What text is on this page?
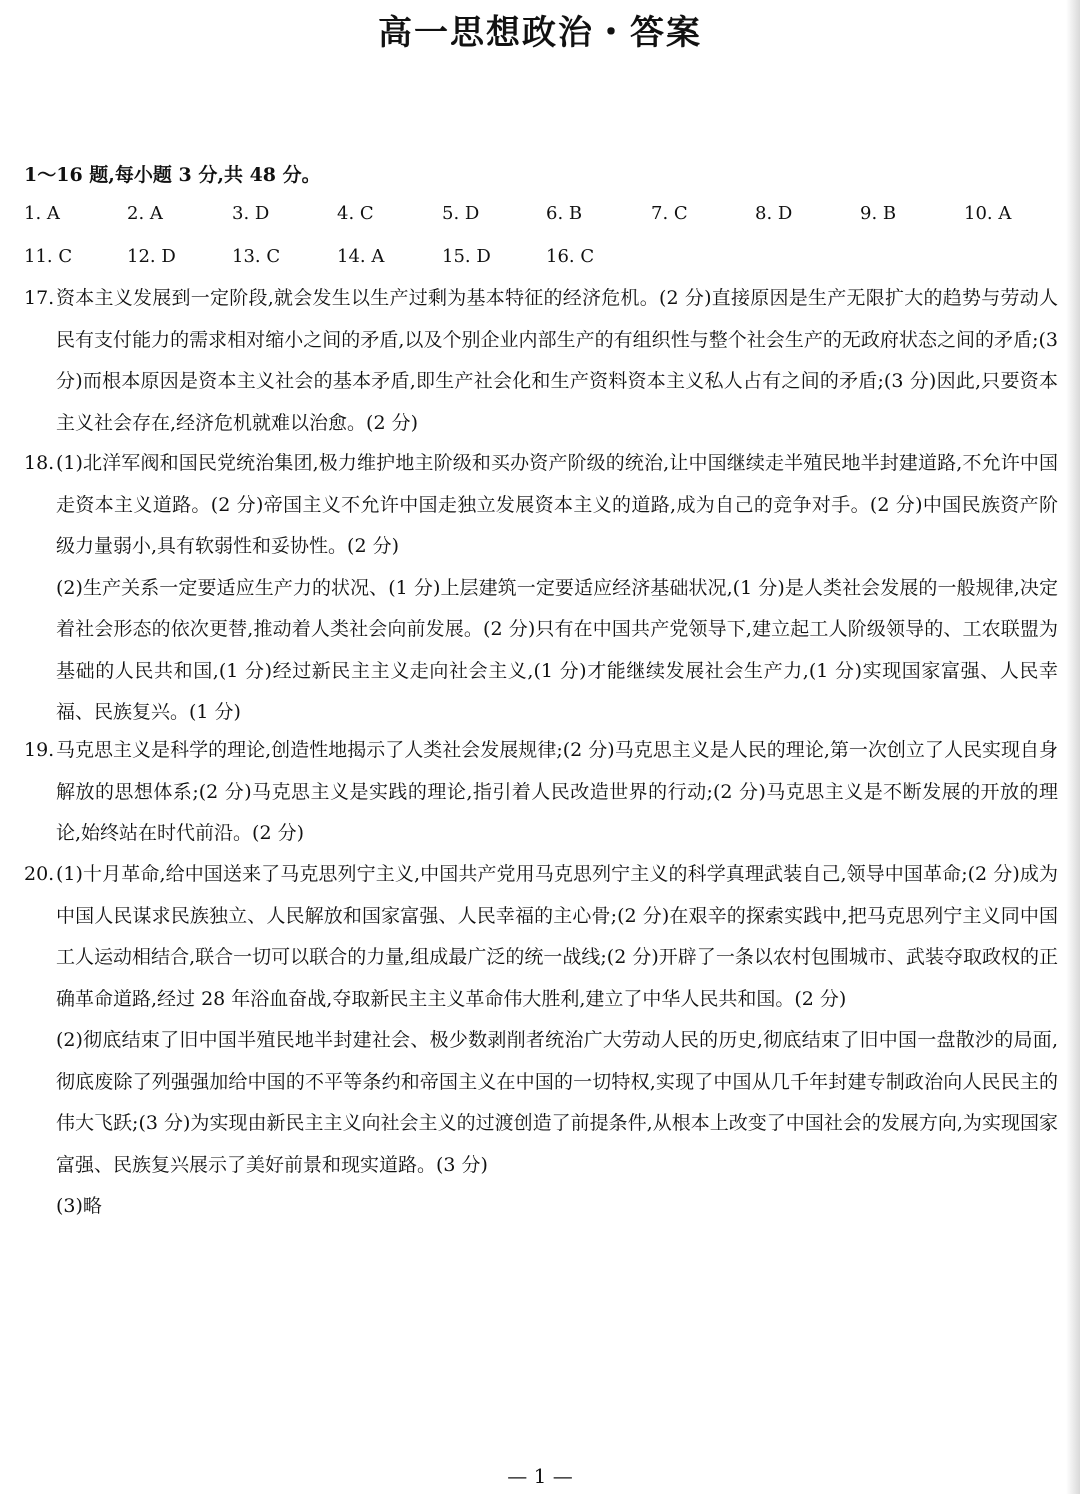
高一思想政治・答案
1～16 题,每小题 3 分,共 48 分。
1. A	2. A	3. D	4. C	5. D	6. B	7. C	8. D	9. B	10. A
11. C	12. D	13. C	14. A	15. D	16. C
17. 资本主义发展到一定阶段,就会发生以生产过剩为基本特征的经济危机。(2 分)直接原因是生产无限扩大的趋势与劳动人民有支付能力的需求相对缩小之间的矛盾,以及个别企业内部生产的有组织性与整个社会生产的无政府状态之间的矛盾;(3 分)而根本原因是资本主义社会的基本矛盾,即生产社会化和生产资料资本主义私人占有之间的矛盾;(3 分)因此,只要资本主义社会存在,经济危机就难以治愈。(2 分)

18. (1)北洋军阀和国民党统治集团,极力维护地主阶级和买办资产阶级的统治,让中国继续走半殖民地半封建道路,不允许中国走资本主义道路。(2 分)帝国主义不允许中国走独立发展资本主义的道路,成为自己的竞争对手。(2 分)中国民族资产阶级力量弱小,具有软弱性和妥协性。(2 分)

(2)生产关系一定要适应生产力的状况、(1 分)上层建筑一定要适应经济基础状况,(1 分)是人类社会发展的一般规律,决定着社会形态的依次更替,推动着人类社会向前发展。(2 分)只有在中国共产党领导下,建立起工人阶级领导的、工农联盟为基础的人民共和国,(1 分)经过新民主主义走向社会主义,(1 分)才能继续发展社会生产力,(1 分)实现国家富强、人民幸福、民族复兴。(1 分)

19. 马克思主义是科学的理论,创造性地揭示了人类社会发展规律;(2 分)马克思主义是人民的理论,第一次创立了人民实现自身解放的思想体系;(2 分)马克思主义是实践的理论,指引着人民改造世界的行动;(2 分)马克思主义是不断发展的开放的理论,始终站在时代前沿。(2 分)

20. (1)十月革命,给中国送来了马克思列宁主义,中国共产党用马克思列宁主义的科学真理武装自己,领导中国革命;(2 分)成为中国人民谋求民族独立、人民解放和国家富强、人民幸福的主心骨;(2 分)在艰辛的探索实践中,把马克思列宁主义同中国工人运动相结合,联合一切可以联合的力量,组成最广泛的统一战线;(2 分)开辟了一条以农村包围城市、武装夺取政权的正确革命道路,经过 28 年浴血奋战,夺取新民主主义革命伟大胜利,建立了中华人民共和国。(2 分)

(2)彻底结束了旧中国半殖民地半封建社会、极少数剥削者统治广大劳动人民的历史,彻底结束了旧中国一盘散沙的局面,彻底废除了列强强加给中国的不平等条约和帝国主义在中国的一切特权,实现了中国从几千年封建专制政治向人民民主的伟大飞跃;(3 分)为实现由新民主主义向社会主义的过渡创造了前提条件,从根本上改变了中国社会的发展方向,为实现国家富强、民族复兴展示了美好前景和现实道路。(3 分)

(3)略

— 1 —
